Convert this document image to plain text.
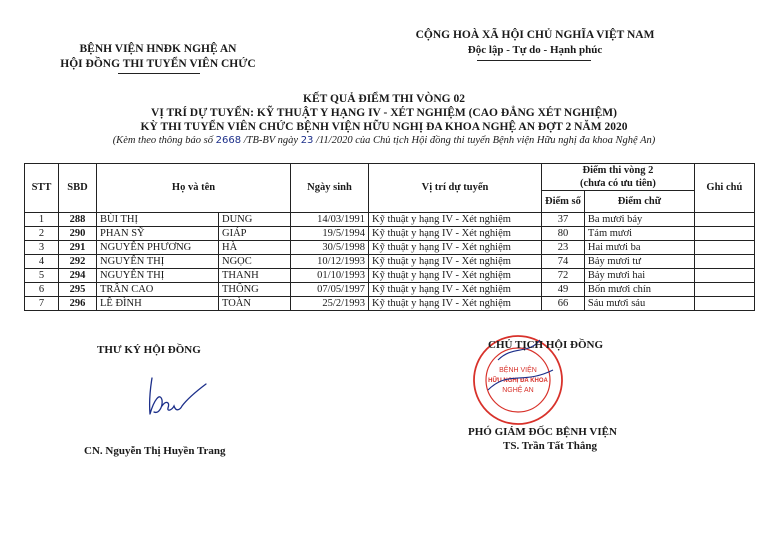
BỆNH VIỆN HNĐK NGHỆ AN
HỘI ĐỒNG THI TUYỂN VIÊN CHỨC
CỘNG HOÀ XÃ HỘI CHỦ NGHĨA VIỆT NAM
Độc lập - Tự do - Hạnh phúc
KẾT QUẢ ĐIỂM THI VÒNG 02
VỊ TRÍ DỰ TUYỂN: KỸ THUẬT Y HẠNG IV - XÉT NGHIỆM (CAO ĐẲNG XÉT NGHIỆM)
KỲ THI TUYỂN VIÊN CHỨC BỆNH VIỆN HỮU NGHỊ ĐA KHOA NGHỆ AN ĐỢT 2 NĂM 2020
(Kèm theo thông báo số 2668 /TB-BV ngày 23 /11/2020 của Chủ tịch Hội đồng thi tuyển Bệnh viện Hữu nghị đa khoa Nghệ An)
STT	SBD	Họ và tên		Ngày sinh	Vị trí dự tuyển	Điểm thi vòng 2
(chưa có ưu tiên)		Ghi chú
						Điểm số	Điểm chữ	
1	288	BÙI THỊ	DUNG	14/03/1991	Kỹ thuật y hạng IV - Xét nghiệm	37	Ba mươi bảy	
2	290	PHAN SỸ	GIÁP	19/5/1994	Kỹ thuật y hạng IV - Xét nghiệm	80	Tám mươi	
3	291	NGUYỄN PHƯƠNG	HÀ	30/5/1998	Kỹ thuật y hạng IV - Xét nghiệm	23	Hai mươi ba	
4	292	NGUYỄN THỊ	NGỌC	10/12/1993	Kỹ thuật y hạng IV - Xét nghiệm	74	Bảy mươi tư	
5	294	NGUYỄN THỊ	THANH	01/10/1993	Kỹ thuật y hạng IV - Xét nghiệm	72	Bảy mươi hai	
6	295	TRẦN CAO	THÔNG	07/05/1997	Kỹ thuật y hạng IV - Xét nghiệm	49	Bốn mươi chín	
7	296	LÊ ĐÌNH	TOÀN	25/2/1993	Kỹ thuật y hạng IV - Xét nghiệm	66	Sáu mươi sáu	
THƯ KÝ HỘI ĐỒNG
BỆNH VIỆN
HỮU NGHỊ ĐA KHOA
NGHỆ AN
CHỦ TỊCH HỘI ĐỒNG
CN. Nguyễn Thị Huyền Trang
PHÓ GIÁM ĐỐC BỆNH VIỆN
TS. Trần Tất Thắng
